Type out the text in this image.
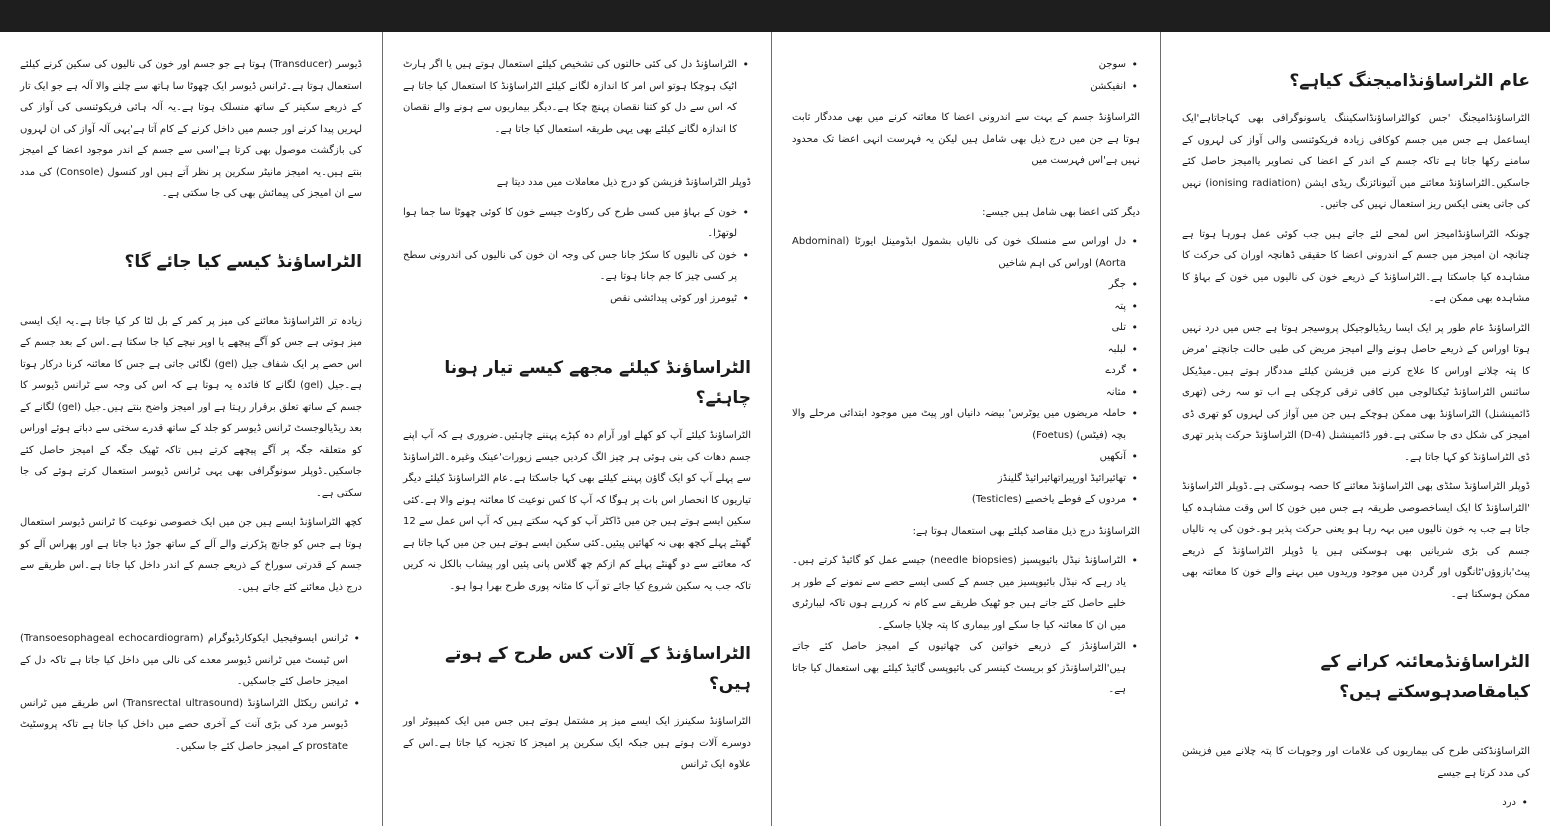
عام الٹراساؤنڈامیجنگ کیاہے؟

الٹراساؤنڈامیجنگ 'جس کوالٹراساؤنڈاسکیننگ یاسونوگرافی بھی کہاجاتاہے'ایک ایساعمل ہے جس میں جسم کوکافی زیادہ فریکوئنسی والی آواز کی لہروں کے سامنے رکھا جاتا ہے تاکہ جسم کے اندر کے اعضا کی تصاویر یاامیجز حاصل کئے جاسکیں۔الٹراساؤنڈ معائنے میں آئیونائزنگ ریڈی ایشن (ionising radiation) نہیں کی جاتی یعنی ایکس ریز استعمال نہیں کی جاتیں۔

چونکہ الٹراساؤنڈامیجز اس لمحے لئے جاتے ہیں جب کوئی عمل ہورہا ہوتا ہے چنانچہ ان امیجز میں جسم کے اندرونی اعضا کا حقیقی ڈھانچہ اوران کی حرکت کا مشاہدہ کیا جاسکتا ہے۔الٹراساؤنڈ کے ذریعے خون کی نالیوں میں خون کے بہاؤ کا مشاہدہ بھی ممکن ہے۔

الٹراساؤنڈ عام طور پر ایک ایسا ریڈیالوجیکل پروسیجر ہوتا ہے جس میں درد نہیں ہوتا اوراس کے ذریعے حاصل ہونے والے امیجز مریض کی طبی حالت جانچنے 'مرض کا پتہ چلانے اوراس کا علاج کرنے میں فزیشن کیلئے مددگار ہوتے ہیں۔میڈیکل سائنس الٹراساؤنڈ ٹیکنالوجی میں کافی ترقی کرچکی ہے اب تو سہ رخی (تھری ڈائمینشنل) الٹراساؤنڈ بھی ممکن ہوچکے ہیں جن میں آواز کی لہروں کو تھری ڈی امیجز کی شکل دی جا سکتی ہے۔فور ڈائمینشنل (4-D) الٹراساؤنڈ حرکت پذیر تھری ڈی الٹراساؤنڈ کو کہا جاتا ہے۔

ڈوپلر الٹراساؤنڈ سٹڈی بھی الٹراساؤنڈ معائنے کا حصہ ہوسکتی ہے۔ڈوپلر الٹراساؤنڈ 'الٹراساؤنڈ کا ایک ایساخصوصی طریقہ ہے جس میں خون کا اس وقت مشاہدہ کیا جاتا ہے جب یہ خون نالیوں میں بہہ رہا ہو یعنی حرکت پذیر ہو۔خون کی یہ نالیاں جسم کی بڑی شریانیں بھی ہوسکتی ہیں یا ڈوپلر الٹراساؤنڈ کے ذریعے پیٹ'بازوؤں'ٹانگوں اور گردن میں موجود وریدوں میں بہنے والے خون کا معائنہ بھی ممکن ہوسکتا ہے۔

الٹراساؤنڈمعائنہ کرانے کے کیامقاصدہوسکتے ہیں؟

الٹراساؤنڈکئی طرح کی بیماریوں کی علامات اور وجوہات کا پتہ چلانے میں فزیشن کی مدد کرتا ہے جیسے

• درد
• سوجن
• انفیکشن

الٹراساؤنڈ جسم کے بہت سے اندرونی اعضا کا معائنہ کرنے میں بھی مددگار ثابت ہوتا ہے جن میں درج ذیل بھی شامل ہیں لیکن یہ فہرست انہی اعضا تک محدود نہیں ہے'اس فہرست میں

دیگر کئی اعضا بھی شامل ہیں جیسے:

• دل اوراس سے منسلک خون کی نالیاں بشمول ابڈومینل ایورٹا (Abdominal Aorta) اوراس کی اہم شاخیں
• جگر
• پتہ
• تلی
• لبلبہ
• گردے
• مثانہ
• حاملہ مریضوں میں یوٹرس' بیضہ دانیاں اور پیٹ میں موجود ابتدائی مرحلے والا بچہ (فیٹس) (Foetus)
• آنکھیں
• تھائیرائیڈ اورپیراتھائیرائیڈ گلینڈز
• مردوں کے فوطے یاخصیے (Testicles)

الٹراساؤنڈ درج ذیل مقاصد کیلئے بھی استعمال ہوتا ہے:

• الٹراساؤنڈ نیڈل بائیوپسیز (needle biopsies) جیسے عمل کو گائیڈ کرتے ہیں۔یاد رہے کہ نیڈل بائیوپسیز میں جسم کے کسی ایسے حصے سے نمونے کے طور پر خلیے حاصل کئے جاتے ہیں جو ٹھیک طریقے سے کام نہ کررہے ہوں تاکہ لیبارٹری میں ان کا معائنہ کیا جا سکے اور بیماری کا پتہ چلایا جاسکے۔
• الٹراساؤنڈز کے ذریعے خواتین کی چھاتیوں کے امیجز حاصل کئے جاتے ہیں'الٹراساؤنڈز کو بریسٹ کینسر کی بائیوپسی گائیڈ کیلئے بھی استعمال کیا جاتا ہے۔
• الٹراساؤنڈ دل کی کئی حالتوں کی تشخیص کیلئے استعمال ہوتے ہیں یا اگر ہارٹ اٹیک ہوچکا ہوتو اس امر کا اندازہ لگانے کیلئے الٹراساؤنڈ کا استعمال کیا جاتا ہے کہ اس سے دل کو کتنا نقصان پہنچ چکا ہے۔دیگر بیماریوں سے ہونے والے نقصان کا اندازہ لگانے کیلئے بھی یہی طریقہ استعمال کیا جاتا ہے۔

ڈوپلر الٹراساؤنڈ فزیشن کو درج ذیل معاملات میں مدد دیتا ہے

• خون کے بہاؤ میں کسی طرح کی رکاوٹ جیسے خون کا کوئی چھوٹا سا جما ہوا لوتھڑا۔
• خون کی نالیوں کا سکڑ جانا جس کی وجہ ان خون کی نالیوں کی اندرونی سطح پر کسی چیز کا جم جانا ہوتا ہے۔
• ٹیومرز اور کوئی پیدائشی نقص
الٹراساؤنڈ کیلئے مجھے کیسے تیار ہونا چاہئے؟

الٹراساؤنڈ کیلئے آپ کو کھلے اور آرام دہ کپڑے پہننے چاہئیں۔ضروری ہے کہ آپ اپنے جسم دھات کی بنی ہوئی ہر چیز الگ کردیں جیسے زیورات'عینک وغیرہ۔الٹراساؤنڈ سے پہلے آپ کو ایک گاؤن پہننے کیلئے بھی کہا جاسکتا ہے۔عام الٹراساؤنڈ کیلئے دیگر تیاریوں کا انحصار اس بات پر ہوگا کہ آپ کا کس نوعیت کا معائنہ ہونے والا ہے۔کئی سکین ایسے ہوتے ہیں جن میں ڈاکٹر آپ کو کہہ سکتے ہیں کہ آپ اس عمل سے 12 گھنٹے پہلے کچھ بھی نہ کھائیں پیئیں۔کئی سکین ایسے ہوتے ہیں جن میں کہا جاتا ہے کہ معائنے سے دو گھنٹے پہلے کم ازکم چھ گلاس پانی پئیں اور پیشاب بالکل نہ کریں تاکہ جب یہ سکین شروع کیا جائے تو آپ کا مثانہ پوری طرح بھرا ہوا ہو۔

الٹراساؤنڈ کے آلات کس طرح کے ہوتے ہیں؟

الٹراساؤنڈ سکینرز ایک ایسے میز پر مشتمل ہوتے ہیں جس میں ایک کمپیوٹر اور دوسرے آلات ہوتے ہیں جبکہ ایک سکرین پر امیجز کا تجزیہ کیا جاتا ہے۔اس کے علاوہ ایک ٹرانس

ڈیوسر (Transducer) ہوتا ہے جو جسم اور خون کی نالیوں کی سکین کرنے کیلئے استعمال ہوتا ہے۔ٹرانس ڈیوسر ایک چھوٹا سا ہاتھ سے چلنے والا آلہ ہے جو ایک تار کے ذریعے سکینر کے ساتھ منسلک ہوتا ہے۔یہ آلہ ہائی فریکوئنسی کی آواز کی لہریں پیدا کرنے اور جسم میں داخل کرنے کے کام آتا ہے'یہی آلہ آواز کی ان لہروں کی بازگشت موصول بھی کرتا ہے'اسی سے جسم کے اندر موجود اعضا کے امیجز بنتے ہیں۔یہ امیجز مانیٹر سکرین پر نظر آتے ہیں اور کنسول (Console) کی مدد سے ان امیجز کی پیمائش بھی کی جا سکتی ہے۔

الٹراساؤنڈ کیسے کیا جائے گا؟

زیادہ تر الٹراساؤنڈ معائنے کی میز پر کمر کے بل لٹا کر کیا جاتا ہے۔یہ ایک ایسی میز ہوتی ہے جس کو آگے پیچھے یا اوپر نیچے کیا جا سکتا ہے۔اس کے بعد جسم کے اس حصے پر ایک شفاف جیل (gel) لگائی جاتی ہے جس کا معائنہ کرنا درکار ہوتا ہے۔جیل (gel) لگانے کا فائدہ یہ ہوتا ہے کہ اس کی وجہ سے ٹرانس ڈیوسر کا جسم کے ساتھ تعلق برقرار رہتا ہے اور امیجز واضح بنتے ہیں۔جیل (gel) لگانے کے بعد ریڈیالوجسٹ ٹرانس ڈیوسر کو جلد کے ساتھ قدرے سختی سے دباتے ہوئے اوراس کو متعلقہ جگہ پر آگے پیچھے کرتے ہیں تاکہ ٹھیک جگہ کے امیجز حاصل کئے جاسکیں۔ڈوپلر سونوگرافی بھی یہی ٹرانس ڈیوسر استعمال کرتے ہوئے کی جا سکتی ہے۔

کچھ الٹراساؤنڈ ایسے ہیں جن میں ایک خصوصی نوعیت کا ٹرانس ڈیوسر استعمال ہوتا ہے جس کو جانچ پڑکرنے والے آلے کے ساتھ جوڑ دیا جاتا ہے اور پھراس آلے کو جسم کے قدرتی سوراخ کے ذریعے جسم کے اندر داخل کیا جاتا ہے۔اس طریقے سے درج ذیل معائنے کئے جاتے ہیں۔

• ٹرانس ایسوفیجیل ایکوکارڈیوگرام (Transoesophageal echocardiogram) اس ٹیسٹ میں ٹرانس ڈیوسر معدے کی نالی میں داخل کیا جاتا ہے تاکہ دل کے امیجز حاصل کئے جاسکیں۔
• ٹرانس ریکٹل الٹراساؤنڈ (Transrectal ultrasound) اس طریقے میں ٹرانس ڈیوسر مرد کی بڑی آنت کے آخری حصے میں داخل کیا جاتا ہے تاکہ پروسٹیٹ prostate کے امیجز حاصل کئے جا سکیں۔
